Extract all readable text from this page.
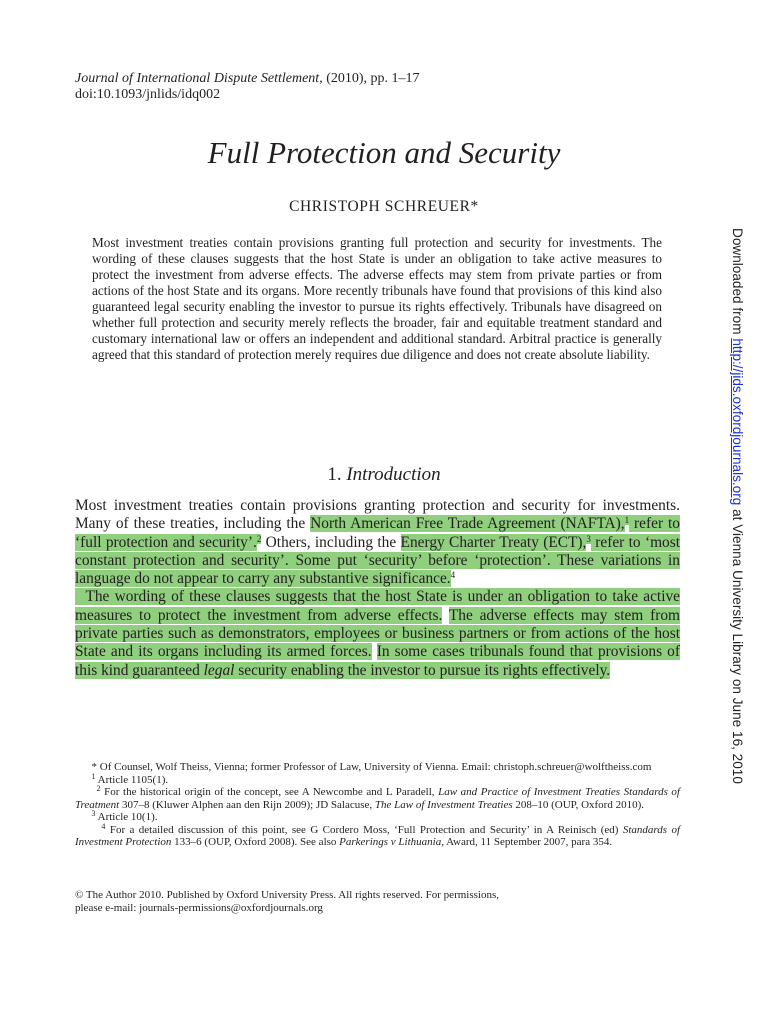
Journal of International Dispute Settlement, (2010), pp. 1–17
doi:10.1093/jnlids/idq002
Full Protection and Security
CHRISTOPH SCHREUER*
Most investment treaties contain provisions granting full protection and security for investments. The wording of these clauses suggests that the host State is under an obligation to take active measures to protect the investment from adverse effects. The adverse effects may stem from private parties or from actions of the host State and its organs. More recently tribunals have found that provisions of this kind also guaranteed legal security enabling the investor to pursue its rights effectively. Tribunals have disagreed on whether full protection and security merely reflects the broader, fair and equitable treatment standard and customary international law or offers an independent and additional standard. Arbitral practice is generally agreed that this standard of protection merely requires due diligence and does not create absolute liability.
1. Introduction

Most investment treaties contain provisions granting protection and security for investments. Many of these treaties, including the North American Free Trade Agreement (NAFTA),$^1$ refer to ‘full protection and security’.$^2$ Others, including the Energy Charter Treaty (ECT),$^3$ refer to ‘most constant protection and security’. Some put ‘security’ before ‘protection’. These variations in language do not appear to carry any substantive significance.$^4$
The wording of these clauses suggests that the host State is under an obligation to take active measures to protect the investment from adverse effects. The adverse effects may stem from private parties such as demonstrators, employees or business partners or from actions of the host State and its organs including its armed forces. In some cases tribunals found that provisions of this kind guaranteed legal security enabling the investor to pursue its rights effectively.

* Of Counsel, Wolf Theiss, Vienna; former Professor of Law, University of Vienna. Email: christoph.schreuer@wolftheiss.com

$^1$ Article 1105(1).

$^2$ For the historical origin of the concept, see A Newcombe and L Paradell, Law and Practice of Investment Treaties Standards of Treatment 307–8 (Kluwer Alphen aan den Rijn 2009); JD Salacuse, The Law of Investment Treaties 208–10 (OUP, Oxford 2010).

$^3$ Article 10(1).

$^4$ For a detailed discussion of this point, see G Cordero Moss, ‘Full Protection and Security’ in A Reinisch (ed) Standards of Investment Protection 133–6 (OUP, Oxford 2008). See also Parkerings v Lithuania, Award, 11 September 2007, para 354.

© The Author 2010. Published by Oxford University Press. All rights reserved. For permissions,
please e-mail: journals-permissions@oxfordjournals.org
Downloaded from http://jids.oxfordjournals.org at Vienna University Library on June 16, 2010
